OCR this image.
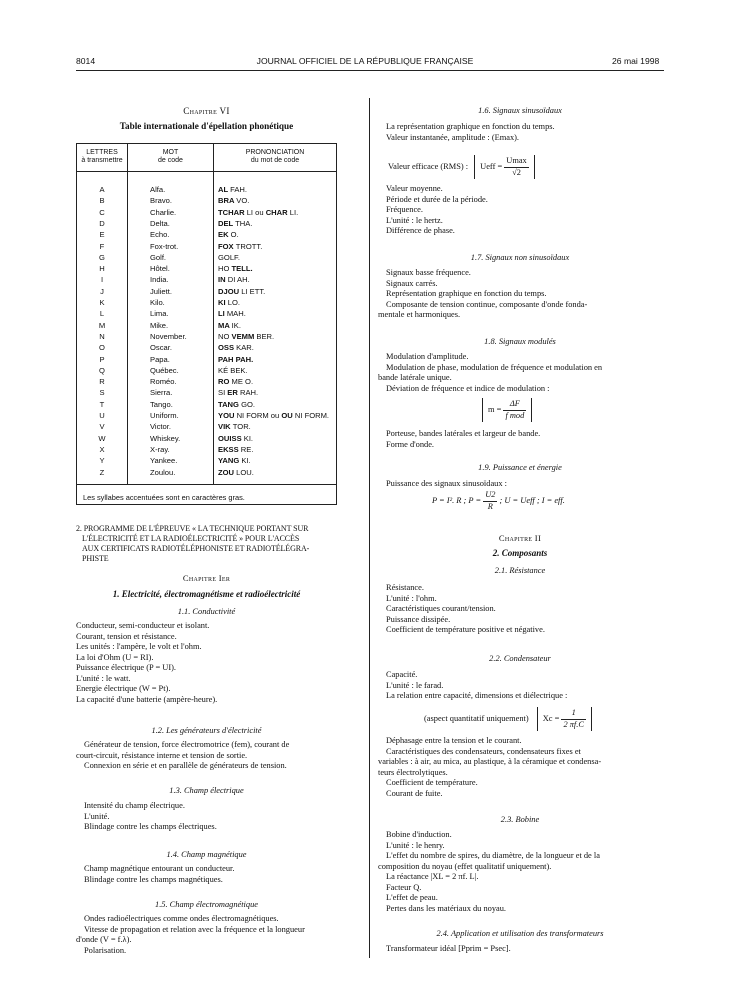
8014	JOURNAL OFFICIEL DE LA RÉPUBLIQUE FRANÇAISE	26 mai 1998
Chapitre VI
Table internationale d'épellation phonétique
LETTRES
à transmettre
MOT
de code
PRONONCIATION
du mot de code
A	Alfa.	AL FAH.
B	Bravo.	BRA VO.
C	Charlie.	TCHAR LI ou CHAR LI.
D	Delta.	DEL THA.
E	Echo.	EK O.
F	Fox-trot.	FOX TROTT.
G	Golf.	GOLF.
H	Hôtel.	HO TELL.
I	India.	IN DI AH.
J	Juliett.	DJOU LI ETT.
K	Kilo.	KI LO.
L	Lima.	LI MAH.
M	Mike.	MA IK.
N	November.	NO VEMM BER.
O	Oscar.	OSS KAR.
P	Papa.	PAH PAH.
Q	Québec.	KÉ BEK.
R	Roméo.	RO ME O.
S	Sierra.	SI ER RAH.
T	Tango.	TANG GO.
U	Uniform.	YOU NI FORM ou OU NI FORM.
V	Victor.	VIK TOR.
W	Whiskey.	OUISS KI.
X	X-ray.	EKSS RE.
Y	Yankee.	YANG KI.
Z	Zoulou.	ZOU LOU.
Les syllabes accentuées sont en caractères gras.
2. PROGRAMME DE L'ÉPREUVE « LA TECHNIQUE PORTANT SUR
L'ÉLECTRICITÉ ET LA RADIOÉLECTRICITÉ » POUR L'ACCÈS
AUX CERTIFICATS RADIOTÉLÉPHONISTE ET RADIOTÉLÉGRA-
PHISTE
Chapitre Ier
1. Electricité, électromagnétisme et radioélectricité
1.1. Conductivité
Conducteur, semi-conducteur et isolant.
Courant, tension et résistance.
Les unités : l'ampère, le volt et l'ohm.
La loi d'Ohm (U = RI).
Puissance électrique (P = UI).
L'unité : le watt.
Energie électrique (W = Pt).
La capacité d'une batterie (ampère-heure).
1.2. Les générateurs d'électricité
Générateur de tension, force électromotrice (fem), courant de
court-circuit, résistance interne et tension de sortie.
Connexion en série et en parallèle de générateurs de tension.
1.3. Champ électrique
Intensité du champ électrique.
L'unité.
Blindage contre les champs électriques.
1.4. Champ magnétique
Champ magnétique entourant un conducteur.
Blindage contre les champs magnétiques.
1.5. Champ électromagnétique
Ondes radioélectriques comme ondes électromagnétiques.
Vitesse de propagation et relation avec la fréquence et la longueur
d'onde (V = f.λ).
Polarisation.
1.6. Signaux sinusoïdaux
La représentation graphique en fonction du temps.
Valeur instantanée, amplitude : (Emax).
Valeur efficace (RMS) : Ueff =
Umax
√2
Valeur moyenne.
Période et durée de la période.
Fréquence.
L'unité : le hertz.
Différence de phase.
1.7. Signaux non sinusoïdaux
Signaux basse fréquence.
Signaux carrés.
Représentation graphique en fonction du temps.
Composante de tension continue, composante d'onde fonda-
mentale et harmoniques.
1.8. Signaux modulés
Modulation d'amplitude.
Modulation de phase, modulation de fréquence et modulation en
bande latérale unique.
Déviation de fréquence et indice de modulation :
m =
ΔF
f mod
Porteuse, bandes latérales et largeur de bande.
Forme d'onde.
1.9. Puissance et énergie
Puissance des signaux sinusoïdaux :
P = I². R ; $P = \frac{U2}{R}$ ; U = Ueff ; I = eff.
Chapitre II
2. Composants
2.1. Résistance
Résistance.
L'unité : l'ohm.
Caractéristiques courant/tension.
Puissance dissipée.
Coefficient de température positive et négative.
2.2. Condensateur
Capacité.
L'unité : le farad.
La relation entre capacité, dimensions et diélectrique :
(aspect quantitatif uniquement) $Xc = \frac{1}{2 \pi f.C}$
Déphasage entre la tension et le courant.
Caractéristiques des condensateurs, condensateurs fixes et
variables : à air, au mica, au plastique, à la céramique et condensa-
teurs électrolytiques.
Coefficient de température.
Courant de fuite.
2.3. Bobine
Bobine d'induction.
L'unité : le henry.
L'effet du nombre de spires, du diamètre, de la longueur et de la
composition du noyau (effet qualitatif uniquement).
La réactance |XL = 2 πf. L|.
Facteur Q.
L'effet de peau.
Pertes dans les matériaux du noyau.
2.4. Application et utilisation des transformateurs
Transformateur idéal [Pprim = Psec].
